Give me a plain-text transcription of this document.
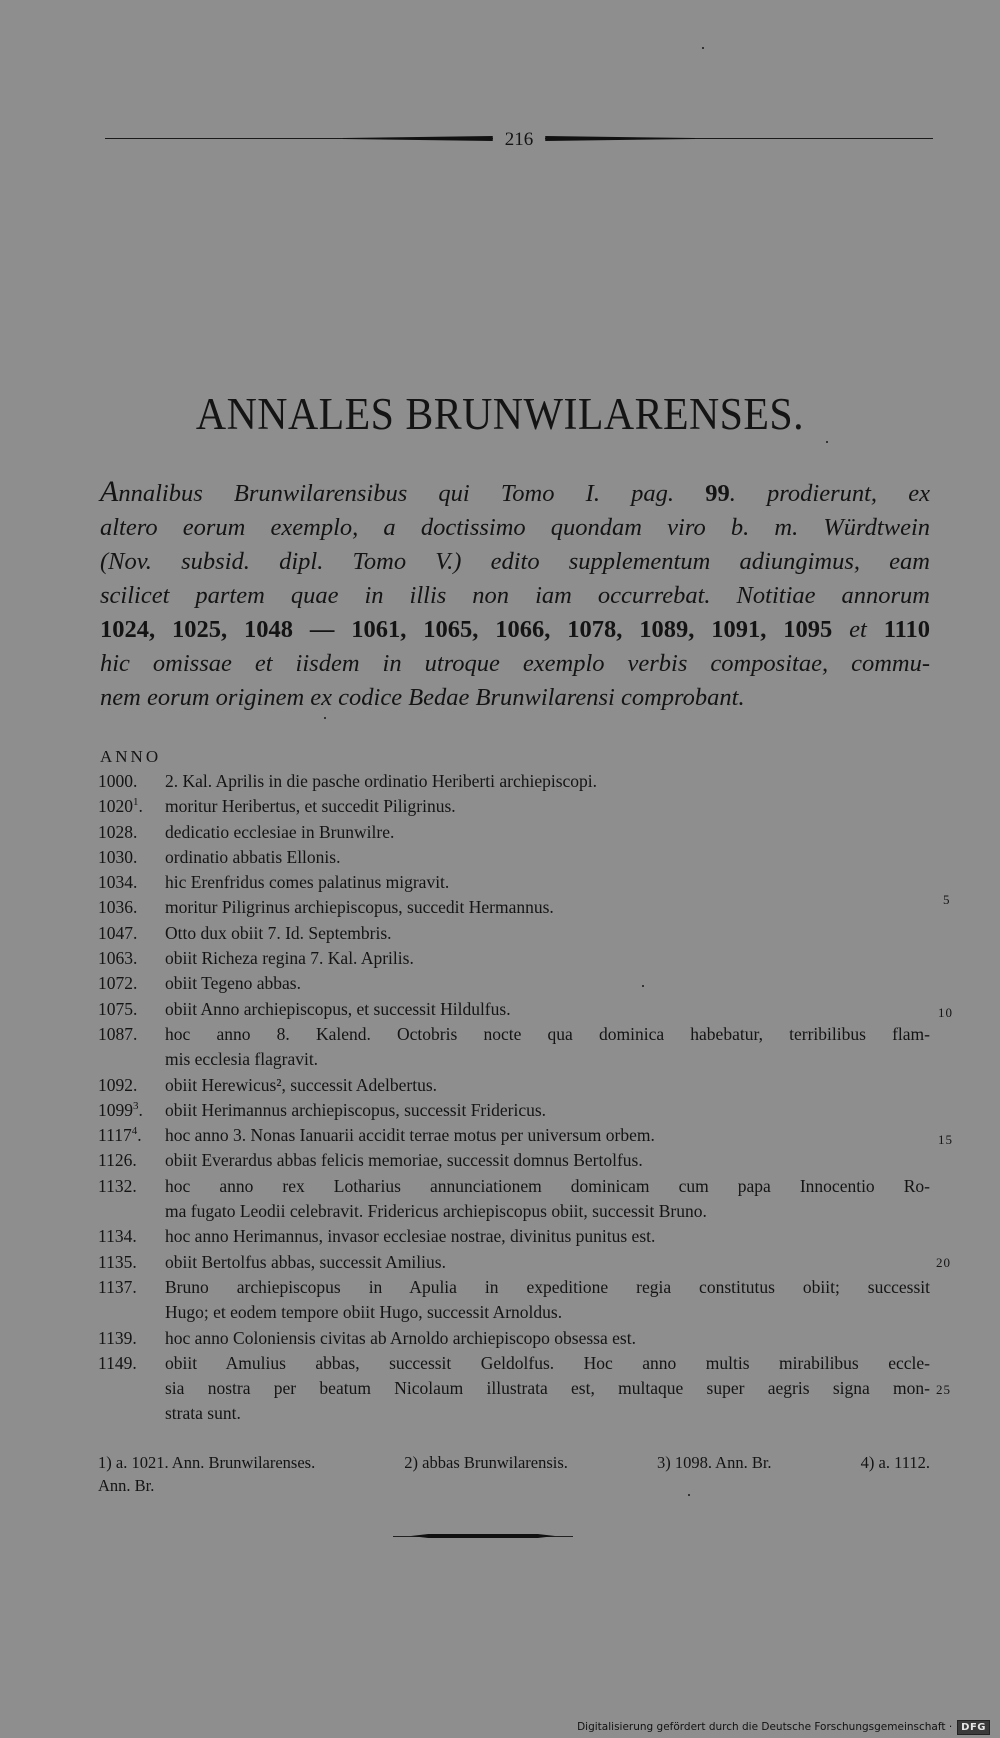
216
ANNALES BRUNWILARENSES.
Annalibus Brunwilarensibus qui Tomo I. pag. 99. prodierunt, ex
altero eorum exemplo, a doctissimo quondam viro b. m. Würdtwein
(Nov. subsid. dipl. Tomo V.) edito supplementum adiungimus, eam
scilicet partem quae in illis non iam occurrebat. Notitiae annorum
1024, 1025, 1048 — 1061, 1065, 1066, 1078, 1089, 1091, 1095 et 1110
hic omissae et iisdem in utroque exemplo verbis compositae, commu-
nem eorum originem ex codice Bedae Brunwilarensi comprobant.
ANNO
1000.	2. Kal. Aprilis in die pasche ordinatio Heriberti archiepiscopi.
1020$^1$.	moritur Heribertus, et succedit Piligrinus.
1028.	dedicatio ecclesiae in Brunwilre.
1030.	ordinatio abbatis Ellonis.
1034.	hic Erenfridus comes palatinus migravit.
1036.	moritur Piligrinus archiepiscopus, succedit Hermannus.
1047.	Otto dux obiit 7. Id. Septembris.
1063.	obiit Richeza regina 7. Kal. Aprilis.
1072.	obiit Tegeno abbas.
1075.	obiit Anno archiepiscopus, et successit Hildulfus.
1087.	hoc anno 8. Kalend. Octobris nocte qua dominica habebatur, terribilibus flam-
mis ecclesia flagravit.
1092.	obiit Herewicus², successit Adelbertus.
1099$^3$.	obiit Herimannus archiepiscopus, successit Fridericus.
1117$^4$.	hoc anno 3. Nonas Ianuarii accidit terrae motus per universum orbem.
1126.	obiit Everardus abbas felicis memoriae, successit domnus Bertolfus.
1132.	hoc anno rex Lotharius annunciationem dominicam cum papa Innocentio Ro-
ma fugato Leodii celebravit. Fridericus archiepiscopus obiit, successit Bruno.
1134.	hoc anno Herimannus, invasor ecclesiae nostrae, divinitus punitus est.
1135.	obiit Bertolfus abbas, successit Amilius.
1137.	Bruno archiepiscopus in Apulia in expeditione regia constitutus obiit; successit
Hugo; et eodem tempore obiit Hugo, successit Arnoldus.
1139.	hoc anno Coloniensis civitas ab Arnoldo archiepiscopo obsessa est.
1149.	obiit Amulius abbas, successit Geldolfus. Hoc anno multis mirabilibus eccle-
sia nostra per beatum Nicolaum illustrata est, multaque super aegris signa mon-
strata sunt.
5
10
15
20
25
1) a. 1021. Ann. Brunwilarenses.	2) abbas Brunwilarensis.	3) 1098. Ann. Br.	4) a. 1112.
Ann. Br.
Digitalisierung gefördert durch die Deutsche Forschungsgemeinschaft · DFG
